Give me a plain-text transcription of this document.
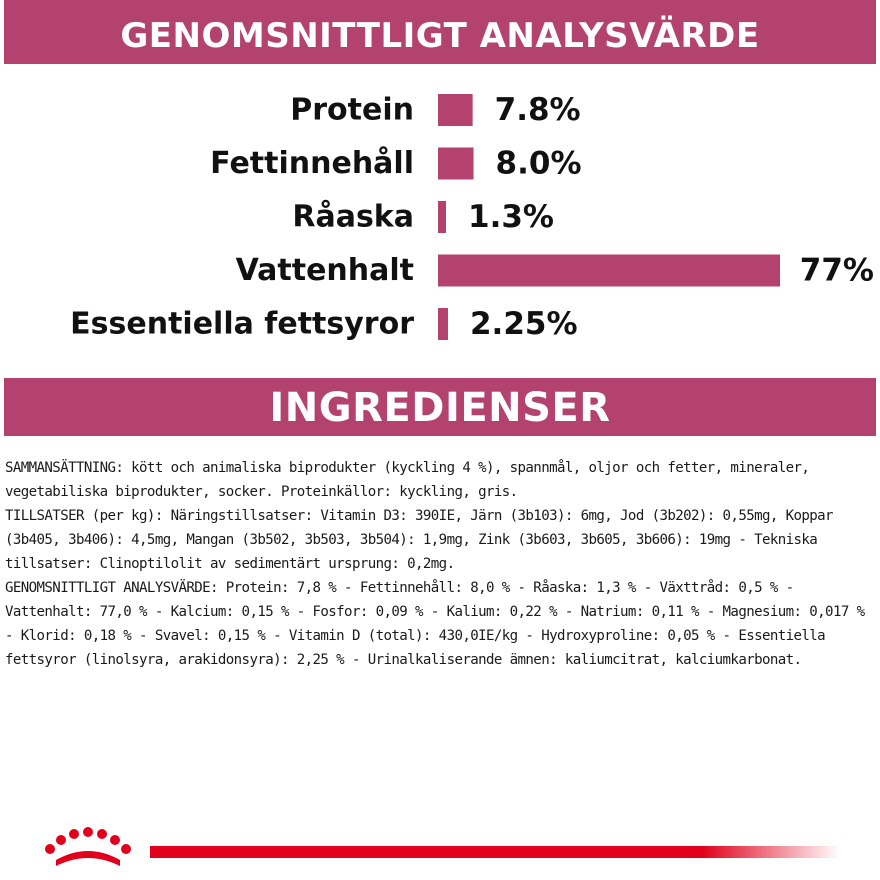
GENOMSNITTLIGT ANALYSVÄRDE
Protein	7.8%
Fettinnehåll	8.0%
Råaska 1.3%
Vattenhalt	77%
Essentiella fettsyror 2.25%
INGREDIENSER

SAMMANSÄTTNING: kött och animaliska biprodukter (kyckling 4 %), spannmål, oljor och fetter, mineraler, vegetabiliska biprodukter, socker. Proteinkällor: kyckling, gris.

TILLSATSER (per kg): Näringstillsatser: Vitamin D3: 390IE, Järn (3b103): 6mg, Jod (3b202): 0,55mg, Koppar (3b405, 3b406): 4,5mg, Mangan (3b502, 3b503, 3b504): 1,9mg, Zink (3b603, 3b605, 3b606): 19mg - Tekniska tillsatser: Clinoptilolit av sedimentärt ursprung: 0,2mg.

GENOMSNITTLIGT ANALYSVÄRDE: Protein: 7,8 % - Fettinnehåll: 8,0 % - Råaska: 1,3 % - Växttråd: 0,5 % - Vattenhalt: 77,0 % - Kalcium: 0,15 % - Fosfor: 0,09 % - Kalium: 0,22 % - Natrium: 0,11 % - Magnesium: 0,017 % - Klorid: 0,18 % - Svavel: 0,15 % - Vitamin D (total): 430,0IE/kg - Hydroxyproline: 0,05 % - Essentiella fettsyror (linolsyra, arakidonsyra): 2,25 % - Urinalkaliserande ämnen: kaliumcitrat, kalciumkarbonat.
